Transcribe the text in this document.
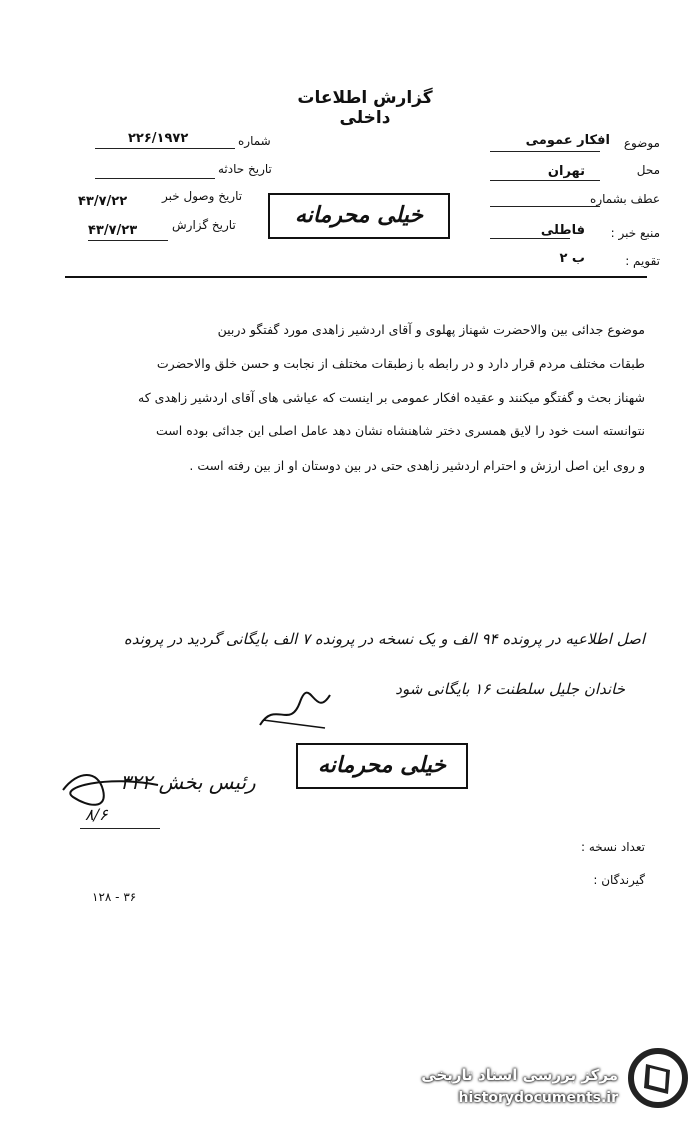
گزارش اطلاعات داخلی
موضوع
افکار عمومی
محل
تهران
عطف بشماره
منبع خبر :
فاطلی
تقویم :
ب ۲
شماره
۲۲۶/۱۹۷۲
تاریخ حادثه
تاریخ وصول خبر
۴۳/۷/۲۲
تاریخ گزارش
۴۳/۷/۲۳
خیلی محرمانه
موضوع جدائی بین والاحضرت شهناز پهلوی و آقای اردشیر زاهدی مورد گفتگو دربین
طبقات مختلف مردم قرار دارد و در رابطه با زطبقات مختلف از نجابت و حسن خلق والاحضرت
شهناز بحث و گفتگو میکنند و عقیده افکار عمومی بر اینست که عیاشی های آقای اردشیر زاهدی که
نتوانسته است خود را لایق همسری دختر شاهنشاه نشان دهد عامل اصلی این جدائی بوده است
و روی این اصل ارزش و احترام اردشیر زاهدی حتی در بین دوستان او از بین رفته است .
اصل اطلاعیه در پرونده ۹۴ الف و یک نسخه در پرونده ۷ الف بایگانی گردید در پرونده
خاندان جلیل سلطنت ۱۶ بایگانی شود
خیلی محرمانه
رئیس بخش ۳۲۲
۸/۶
تعداد نسخه :
گیرندگان :
۳۶ - ۱۲۸
مرکز بررسی اسناد تاریخی
historydocuments.ir
